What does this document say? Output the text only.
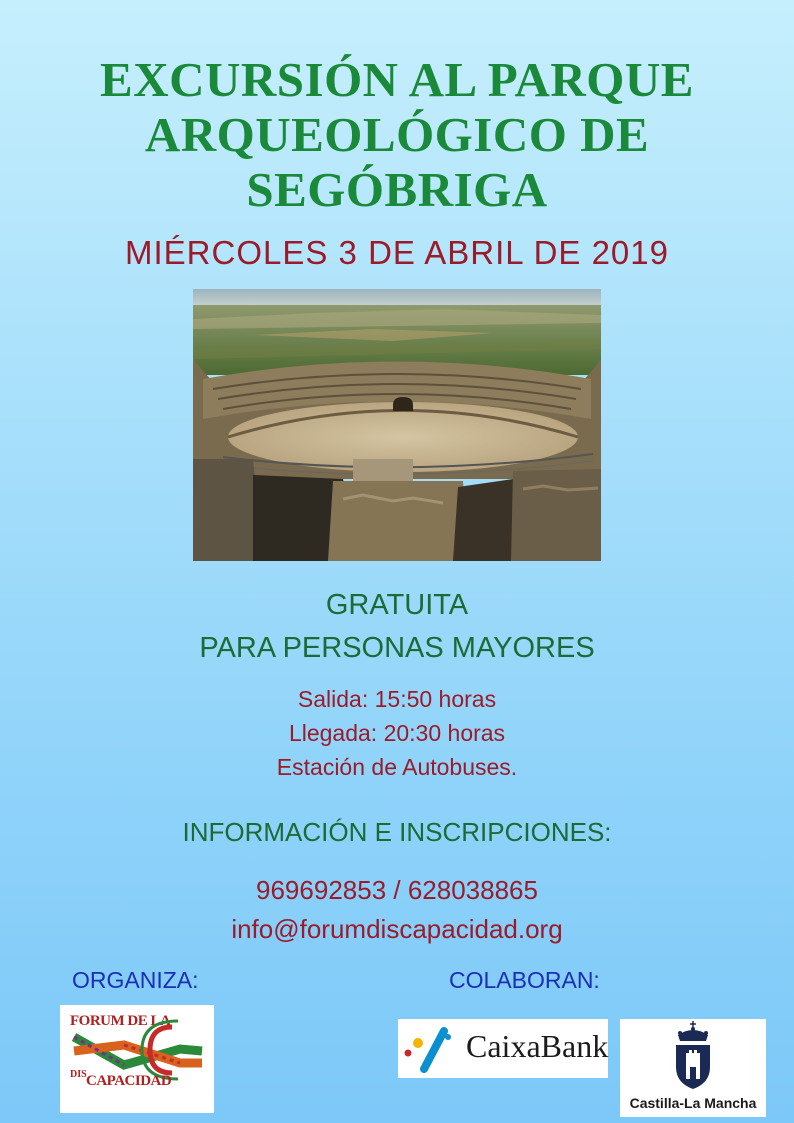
EXCURSIÓN AL PARQUE
ARQUEOLÓGICO DE
SEGÓBRIGA
MIÉRCOLES 3 DE ABRIL DE 2019
GRATUITA
PARA PERSONAS MAYORES
Salida: 15:50 horas
Llegada: 20:30 horas
Estación de Autobuses.
INFORMACIÓN E INSCRIPCIONES:
969692853 / 628038865
info@forumdiscapacidad.org
ORGANIZA:	COLABORAN:
FORUM DE LA
DIS CAPACIDAD
CaixaBank
Castilla-La Mancha
